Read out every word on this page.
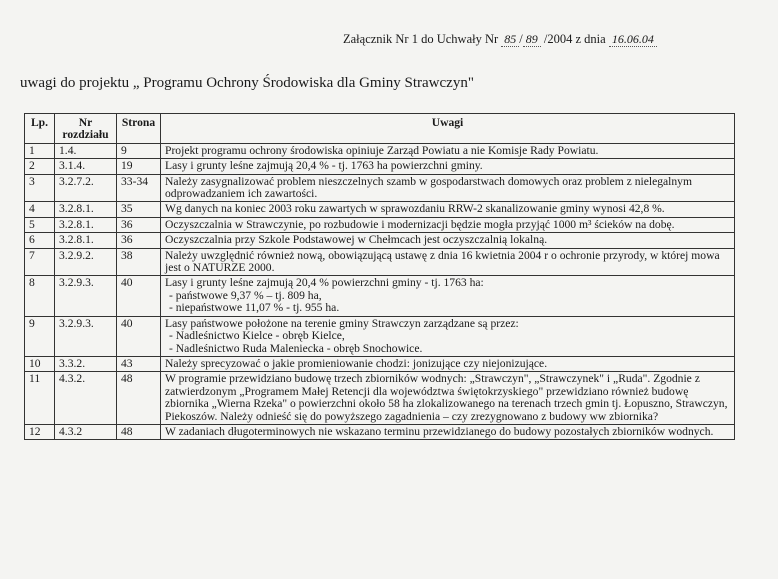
Załącznik Nr 1 do Uchwały Nr 85 / 89 /2004 z dnia 16.06.04
uwagi do projektu „ Programu Ochrony Środowiska dla Gminy Strawczyn"
Lp.	Nr rozdziału	Strona	Uwagi
1	1.4.	9	Projekt programu ochrony środowiska opiniuje Zarząd Powiatu a nie Komisje Rady Powiatu.

2	3.1.4.	19	Lasy i grunty leśne zajmują 20,4 % - tj. 1763 ha powierzchni gminy.

3	3.2.7.2.	33-34	Należy zasygnalizować problem nieszczelnych szamb w gospodarstwach domowych oraz problem z nielegalnym odprowadzaniem ich zawartości.

4	3.2.8.1.	35	Wg danych na koniec 2003 roku zawartych w sprawozdaniu RRW-2 skanalizowanie gminy wynosi 42,8 %.

5	3.2.8.1.	36	Oczyszczalnia w Strawczynie, po rozbudowie i modernizacji będzie mogła przyjąć 1000 m³ ścieków na dobę.

6	3.2.8.1.	36	Oczyszczalnia przy Szkole Podstawowej w Chełmcach jest oczyszczalnią lokalną.

7	3.2.9.2.	38	Należy uwzględnić również nową, obowiązującą ustawę z dnia 16 kwietnia 2004 r o ochronie przyrody, w której mowa jest o NATURZE 2000.

8	3.2.9.3.	40	Lasy i grunty leśne zajmują 20,4 % powierzchni gminy - tj. 1763 ha:
- państwowe 9,37 % – tj. 809 ha,
- niepaństwowe 11,07 % - tj. 955 ha.

9	3.2.9.3.	40	Lasy państwowe położone na terenie gminy Strawczyn zarządzane są przez:
- Nadleśnictwo Kielce - obręb Kielce,
- Nadleśnictwo Ruda Malenieckа - obręb Snochowice.

10	3.3.2.	43	Należy sprecyzować o jakie promieniowanie chodzi: jonizujące czy niejonizujące.

11	4.3.2.	48	W programie przewidziano budowę trzech zbiorników wodnych: „Strawczyn", „Strawczynek" i „Ruda". Zgodnie z zatwierdzonym „Programem Małej Retencji dla województwa świętokrzyskiego" przewidziano również budowę zbiornika „Wierna Rzeka" o powierzchni około 58 ha zlokalizowanego na terenach trzech gmin tj. Łopuszno, Strawczyn, Piekoszów. Należy odnieść się do powyższego zagadnienia – czy zrezygnowano z budowy ww zbiornika?

12	4.3.2	48	W zadaniach długoterminowych nie wskazano terminu przewidzianego do budowy pozostałych zbiorników wodnych.
